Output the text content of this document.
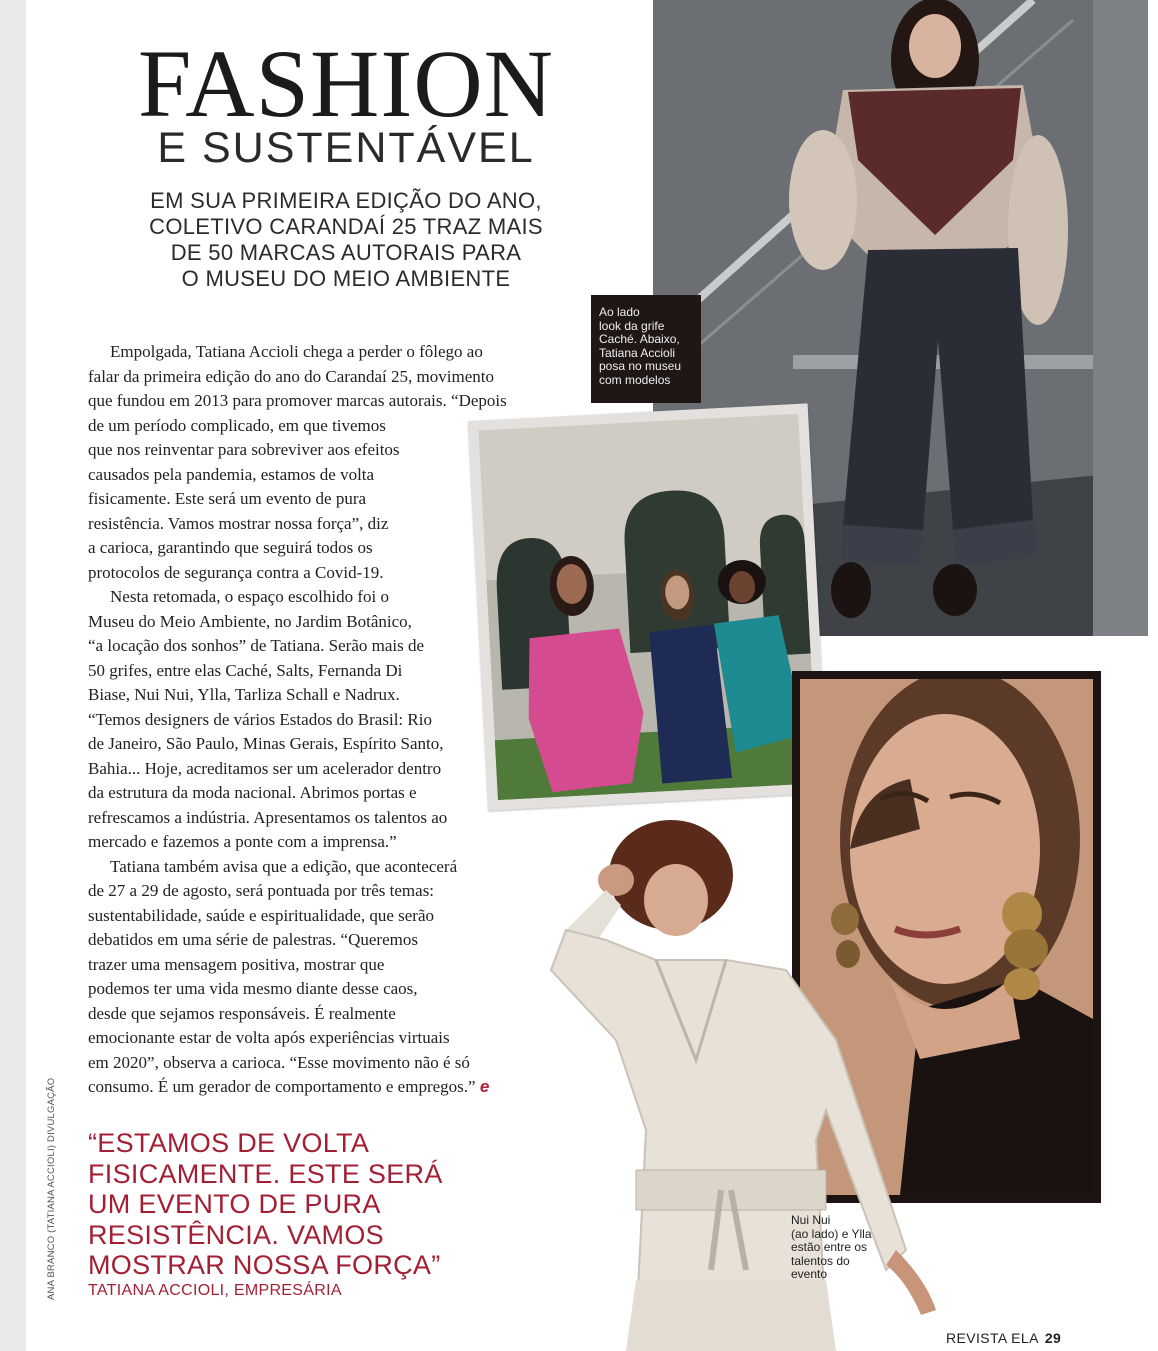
FASHION
E SUSTENTÁVEL
EM SUA PRIMEIRA EDIÇÃO DO ANO,
COLETIVO CARANDAÍ 25 TRAZ MAIS
DE 50 MARCAS AUTORAIS PARA
O MUSEU DO MEIO AMBIENTE
Ao lado
look da grife
Caché. Abaixo,
Tatiana Accioli
posa no museu
com modelos
Empolgada, Tatiana Accioli chega a perder o fôlego ao
falar da primeira edição do ano do Carandaí 25, movimento
que fundou em 2013 para promover marcas autorais. “Depois
de um período complicado, em que tivemos
que nos reinventar para sobreviver aos efeitos
causados pela pandemia, estamos de volta
fisicamente. Este será um evento de pura
resistência. Vamos mostrar nossa força”, diz
a carioca, garantindo que seguirá todos os
protocolos de segurança contra a Covid-19.
Nesta retomada, o espaço escolhido foi o
Museu do Meio Ambiente, no Jardim Botânico,
“a locação dos sonhos” de Tatiana. Serão mais de
50 grifes, entre elas Caché, Salts, Fernanda Di
Biase, Nui Nui, Ylla, Tarliza Schall e Nadrux.
“Temos designers de vários Estados do Brasil: Rio
de Janeiro, São Paulo, Minas Gerais, Espírito Santo,
Bahia... Hoje, acreditamos ser um acelerador dentro
da estrutura da moda nacional. Abrimos portas e
refrescamos a indústria. Apresentamos os talentos ao
mercado e fazemos a ponte com a imprensa.”
Tatiana também avisa que a edição, que acontecerá
de 27 a 29 de agosto, será pontuada por três temas:
sustentabilidade, saúde e espiritualidade, que serão
debatidos em uma série de palestras. “Queremos
trazer uma mensagem positiva, mostrar que
podemos ter uma vida mesmo diante desse caos,
desde que sejamos responsáveis. É realmente
emocionante estar de volta após experiências virtuais
em 2020”, observa a carioca. “Esse movimento não é só
consumo. É um gerador de comportamento e empregos.” e
Nui Nui
(ao lado) e Ylla
estão entre os
talentos do
evento
“ESTAMOS DE VOLTA
FISICAMENTE. ESTE SERÁ
UM EVENTO DE PURA
RESISTÊNCIA. VAMOS
MOSTRAR NOSSA FORÇA”
TATIANA ACCIOLI, EMPRESÁRIA
ANA BRANCO (TATIANA ACCIOLI) DIVULGAÇÃO
REVISTA ELA 29
